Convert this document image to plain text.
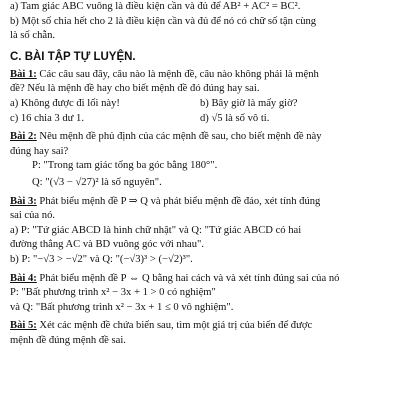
a) Tam giác ABC vuông là điều kiện cần và đủ để AB² + AC² = BC².

b) Một số chia hết cho 2 là điều kiện cần và đủ để nó có chữ số tận cùng

là số chẵn.

C. BÀI TẬP TỰ LUYỆN.

Bài 1: Các câu sau đây, câu nào là mệnh đề, câu nào không phải là mệnh

đề? Nếu là mệnh đề hay cho biết mệnh đề đó đúng hay sai.

a) Không được đi lối này!	b) Bây giờ là mấy giờ?
c) 16 chia 3 dư 1.	d) √5 là số vô tỉ.

Bài 2: Nêu mệnh đề phủ định của các mệnh đề sau, cho biết mệnh đề này

đúng hay sai?

P: "Trong tam giác tổng ba góc bằng 180°".

Q: "(√3 − √27)² là số nguyên".

Bài 3: Phát biểu mệnh đề P ⇒ Q và phát biểu mệnh đề đảo, xét tính đúng

sai của nó.

a) P: "Tứ giác ABCD là hình chữ nhật" và Q: "Tứ giác ABCD có hai

đường thẳng AC và BD vuông góc với nhau".

b) P: "−√3 > −√2" và Q: "(−√3)³ > (−√2)³".

Bài 4: Phát biểu mệnh đề P ⇔ Q bằng hai cách và và xét tính đúng sai của nó

P: "Bất phương trình x² − 3x + 1 > 0 có nghiệm"

và Q: "Bất phương trình x² − 3x + 1 ≤ 0 vô nghiệm".

Bài 5: Xét các mệnh đề chứa biến sau, tìm một giá trị của biến để được

mệnh đề đúng mệnh đề sai.
